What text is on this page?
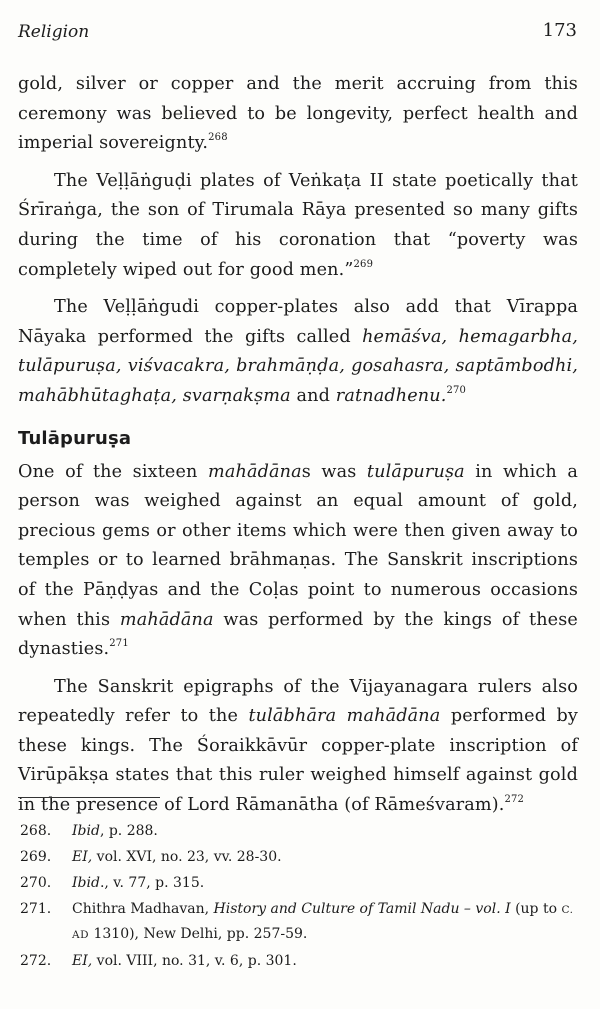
Religion	173

gold, silver or copper and the merit accruing from this ceremony was believed to be longevity, perfect health and imperial sovereignty.$^{268}$

The Veḷḷāṅguḍi plates of Veṅkaṭa II state poetically that Śrīraṅga, the son of Tirumala Rāya presented so many gifts during the time of his coronation that “poverty was completely wiped out for good men.”$^{269}$

The Veḷḷāṅgudi copper-plates also add that Vīrappa Nāyaka performed the gifts called hemāśva, hemagarbha, tulāpuruṣa, viśvacakra, brahmāṇḍa, gosahasra, saptāmbodhi, mahābhūtaghaṭa, svarṇakṣma and ratnadhenu.$^{270}$

Tulāpuruṣa

One of the sixteen mahādānas was tulāpuruṣa in which a person was weighed against an equal amount of gold, precious gems or other items which were then given away to temples or to learned brāhmaṇas. The Sanskrit inscriptions of the Pāṇḍyas and the Coḷas point to numerous occasions when this mahādāna was performed by the kings of these dynasties.$^{271}$

The Sanskrit epigraphs of the Vijayanagara rulers also repeatedly refer to the tulābhāra mahādāna performed by these kings. The Śoraikkāvūr copper-plate inscription of Virūpākṣa states that this ruler weighed himself against gold in the presence of Lord Rāmanātha (of Rāmeśvaram).$^{272}$

268.	Ibid, p. 288.
269.	EI, vol. XVI, no. 23, vv. 28-30.
270.	Ibid., v. 77, p. 315.
271.	Chithra Madhavan, History and Culture of Tamil Nadu – vol. I (up to C. AD 1310), New Delhi, pp. 257-59.
272.	EI, vol. VIII, no. 31, v. 6, p. 301.
